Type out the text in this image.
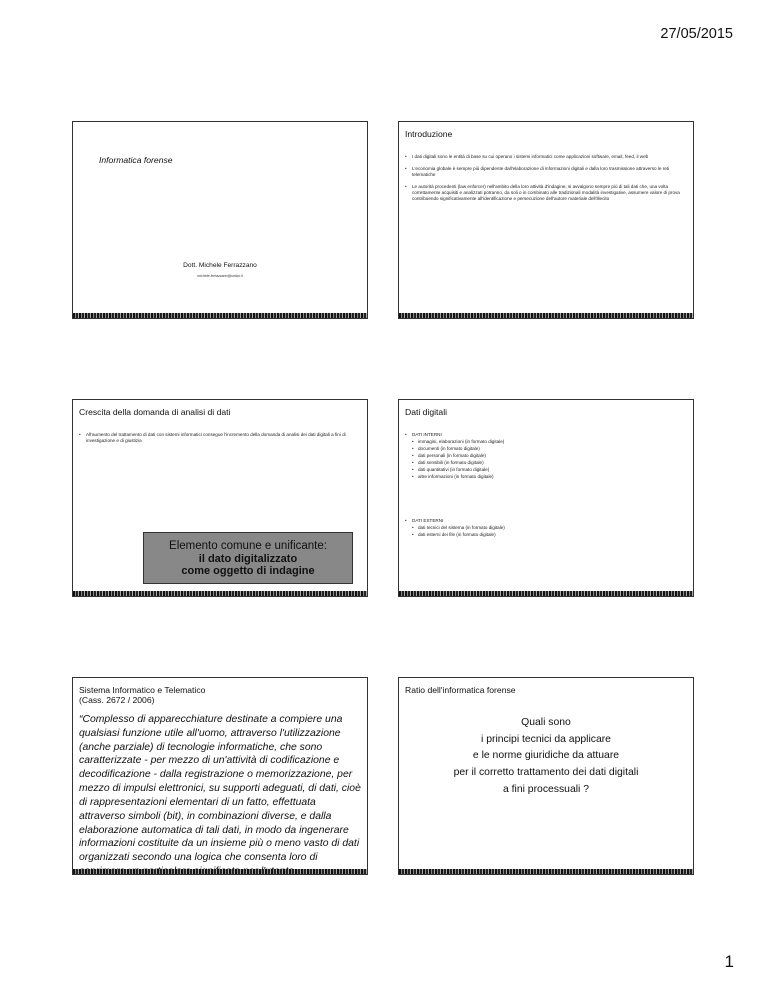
27/05/2015
Informatica forense
Dott. Michele Ferrazzano
michele.ferrazzano@unibo.it
Introduzione
• I dati digitali sono le entità di base su cui operano i sistemi informatici come applicazioni software, email, feed, il web
• L'economia globale è sempre più dipendente dall'elaborazione di informazioni digitali e dalla loro trasmissione attraverso le reti telematiche
• Le autorità procedenti (law enforcer) nell'ambito della loro attività d'indagine, si avvalgono sempre più di tali dati che, una volta correttamente acquisiti e analizzati potranno, da soli o in combinato alle tradizionali modalità investigative, assumere valore di prova contribuendo significativamente all'identificazione e persecuzione dell'autore materiale dell'illecito
Crescita della domanda di analisi di dati
• All'aumento del trattamento di dati con sistemi informatici consegue l'incremento della domanda di analisi dei dati digitali a fini di investigazione e di giustizia
Elemento comune e unificante:
il dato digitalizzato
come oggetto di indagine
Dati digitali
• DATI INTERNI
• immagini, elaborazioni (in formato digitale)
• documenti (in formato digitale)
• dati personali (in formato digitale)
• dati sensibili (in formato digitale)
• dati quantitativi (in formato digitale)
• altre informazioni (in formato digitale)
• DATI ESTERNI
• dati tecnici del sistema (in formato digitale)
• dati esterni dei file (in formato digitale)
Sistema Informatico e Telematico
(Cass. 2672 / 2006)
“Complesso di apparecchiature destinate a compiere una qualsiasi funzione utile all'uomo, attraverso l'utilizzazione (anche parziale) di tecnologie informatiche, che sono caratterizzate - per mezzo di un'attività di codificazione e decodificazione - dalla registrazione o memorizzazione, per mezzo di impulsi elettronici, su supporti adeguati, di dati, cioè di rappresentazioni elementari di un fatto, effettuata attraverso simboli (bit), in combinazioni diverse, e dalla elaborazione automatica di tali dati, in modo da ingenerare informazioni costituite da un insieme più o meno vasto di dati organizzati secondo una logica che consenta loro di
Ratio dell'informatica forense
Quali sono
i principi tecnici da applicare
e le norme giuridiche da attuare
per il corretto trattamento dei dati digitali
a fini processuali ?
1
